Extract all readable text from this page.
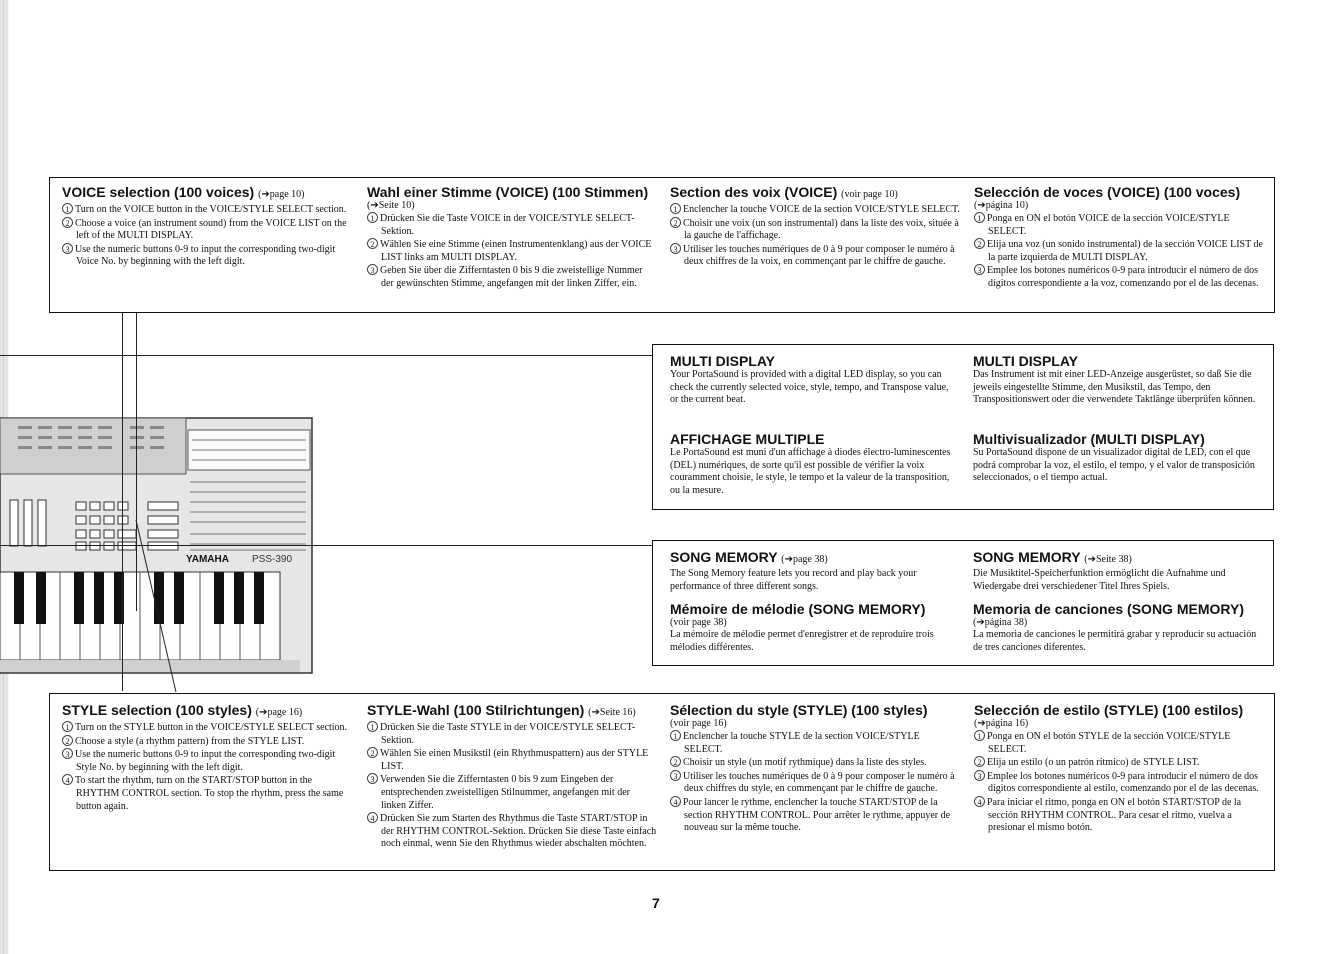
YAMAHA PSS-390

VOICE selection (100 voices) (➔page 10)

1 Turn on the VOICE button in the VOICE/STYLE SELECT section.

2 Choose a voice (an instrument sound) from the VOICE LIST on the left of the MULTI DISPLAY.

3 Use the numeric buttons 0-9 to input the corresponding two-digit Voice No. by beginning with the left digit.

Wahl einer Stimme (VOICE) (100 Stimmen)

(➔Seite 10)

1 Drücken Sie die Taste VOICE in der VOICE/STYLE SELECT-Sektion.

2 Wählen Sie eine Stimme (einen Instrumentenklang) aus der VOICE LIST links am MULTI DISPLAY.

3 Geben Sie über die Zifferntasten 0 bis 9 die zweistellige Nummer der gewünschten Stimme, angefangen mit der linken Ziffer, ein.

Section des voix (VOICE) (voir page 10)

1 Enclencher la touche VOICE de la section VOICE/STYLE SELECT.

2 Choisir une voix (un son instrumental) dans la liste des voix, située à la gauche de l'affichage.

3 Utiliser les touches numériques de 0 à 9 pour composer le numéro à deux chiffres de la voix, en commençant par le chiffre de gauche.

Selección de voces (VOICE) (100 voces)

(➔página 10)

1 Ponga en ON el botón VOICE de la sección VOICE/STYLE SELECT.

2 Elija una voz (un sonido instrumental) de la sección VOICE LIST de la parte izquierda de MULTI DISPLAY.

3 Emplee los botones numéricos 0-9 para introducir el número de dos dígitos correspondiente a la voz, comenzando por el de las decenas.

MULTI DISPLAY

Your PortaSound is provided with a digital LED display, so you can check the currently selected voice, style, tempo, and Transpose value, or the current beat.

MULTI DISPLAY

Das Instrument ist mit einer LED-Anzeige ausgerüstet, so daß Sie die jeweils eingestellte Stimme, den Musikstil, das Tempo, den Transpositionswert oder die verwendete Taktlänge überprüfen können.

AFFICHAGE MULTIPLE

Le PortaSound est muni d'un affichage à diodes électro-luminescentes (DEL) numériques, de sorte qu'il est possible de vérifier la voix couramment choisie, le style, le tempo et la valeur de la transposition, ou la mesure.

Multivisualizador (MULTI DISPLAY)

Su PortaSound dispone de un visualizador digital de LED, con el que podrá comprobar la voz, el estilo, el tempo, y el valor de transposición seleccionados, o el tiempo actual.

SONG MEMORY (➔page 38)

The Song Memory feature lets you record and play back your performance of three different songs.

SONG MEMORY (➔Seite 38)

Die Musiktitel-Speicherfunktion ermöglicht die Aufnahme und Wiedergabe drei verschiedener Titel Ihres Spiels.

Mémoire de mélodie (SONG MEMORY)

(voir page 38)

La mémoire de mélodie permet d'enregistrer et de reproduire trois mélodies différentes.

Memoria de canciones (SONG MEMORY)

(➔página 38)

La memoria de canciones le permitirá grabar y reproducir su actuación de tres canciones diferentes.

STYLE selection (100 styles) (➔page 16)

1 Turn on the STYLE button in the VOICE/STYLE SELECT section.

2 Choose a style (a rhythm pattern) from the STYLE LIST.

3 Use the numeric buttons 0-9 to input the corresponding two-digit Style No. by beginning with the left digit.

4 To start the rhythm, turn on the START/STOP button in the RHYTHM CONTROL section. To stop the rhythm, press the same button again.

STYLE-Wahl (100 Stilrichtungen) (➔Seite 16)

1 Drücken Sie die Taste STYLE in der VOICE/STYLE SELECT-Sektion.

2 Wählen Sie einen Musikstil (ein Rhythmuspattern) aus der STYLE LIST.

3 Verwenden Sie die Zifferntasten 0 bis 9 zum Eingeben der entsprechenden zweistelligen Stilnummer, angefangen mit der linken Ziffer.

4 Drücken Sie zum Starten des Rhythmus die Taste START/STOP in der RHYTHM CONTROL-Sektion. Drücken Sie diese Taste einfach noch einmal, wenn Sie den Rhythmus wieder abschalten möchten.

Sélection du style (STYLE) (100 styles)

(voir page 16)

1 Enclencher la touche STYLE de la section VOICE/STYLE SELECT.

2 Choisir un style (un motif rythmique) dans la liste des styles.

3 Utiliser les touches numériques de 0 à 9 pour composer le numéro à deux chiffres du style, en commençant par le chiffre de gauche.

4 Pour lancer le rythme, enclencher la touche START/STOP de la section RHYTHM CONTROL. Pour arrêter le rythme, appuyer de nouveau sur la même touche.

Selección de estilo (STYLE) (100 estilos)

(➔página 16)

1 Ponga en ON el botón STYLE de la sección VOICE/STYLE SELECT.

2 Elija un estilo (o un patrón rítmico) de STYLE LIST.

3 Emplee los botones numéricos 0-9 para introducir el número de dos dígitos correspondiente al estilo, comenzando por el de las decenas.

4 Para iniciar el ritmo, ponga en ON el botón START/STOP de la sección RHYTHM CONTROL. Para cesar el ritmo, vuelva a presionar el mismo botón.

7
